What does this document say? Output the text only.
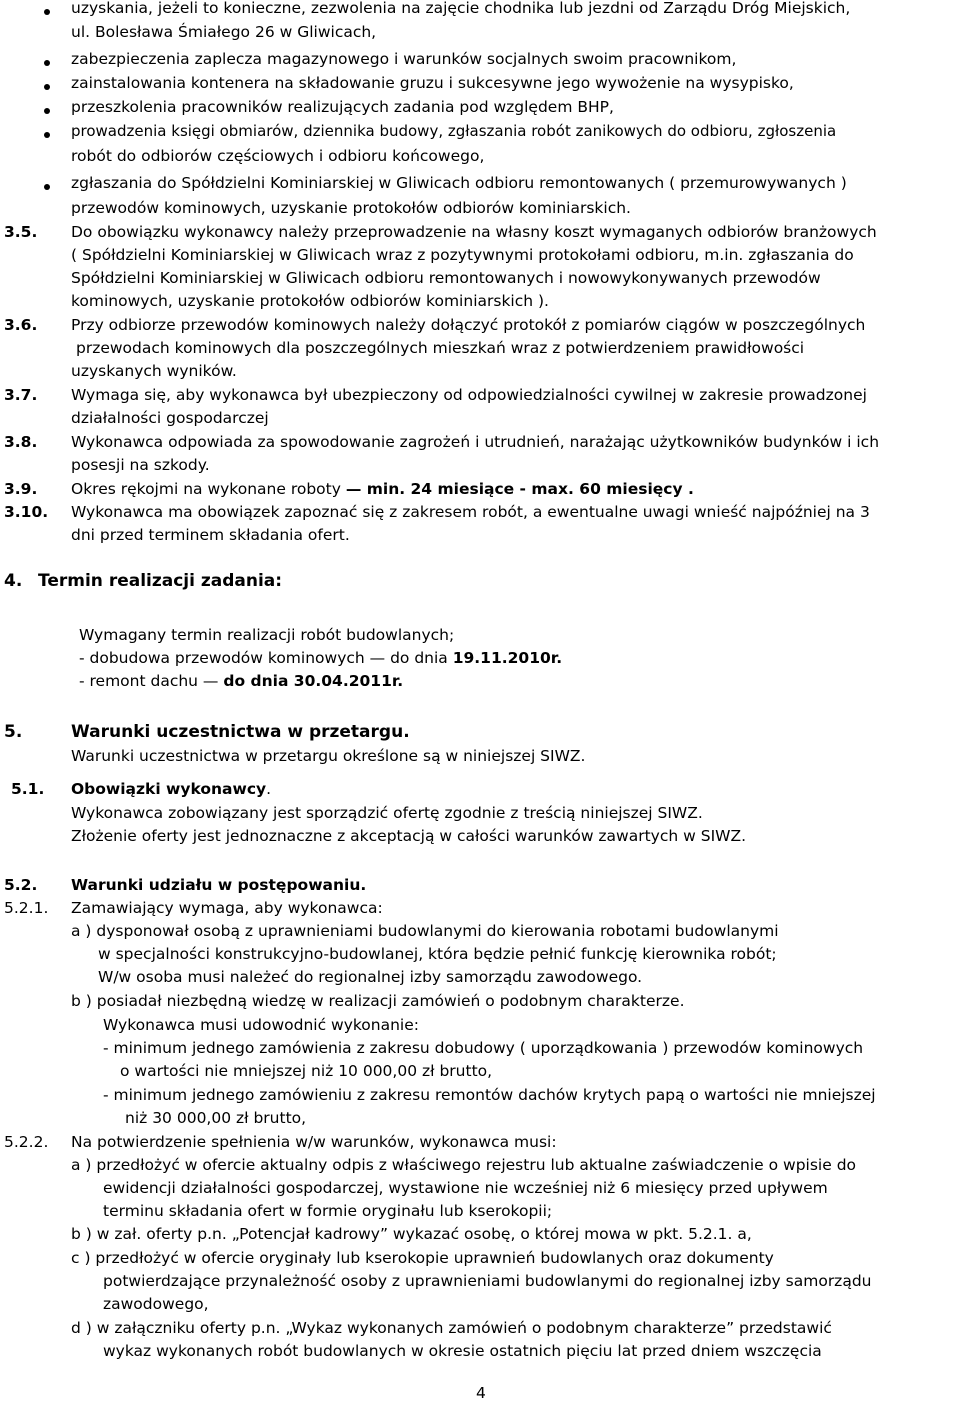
uzyskania, jeżeli to konieczne, zezwolenia na zajęcie chodnika lub jezdni od Zarządu Dróg Miejskich,
ul. Bolesława Śmiałego 26 w Gliwicach,
zabezpieczenia zaplecza magazynowego i warunków socjalnych swoim pracownikom,
zainstalowania kontenera na składowanie gruzu i sukcesywne jego wywożenie na wysypisko,
przeszkolenia pracowników realizujących zadania pod względem BHP,
prowadzenia księgi obmiarów, dziennika budowy, zgłaszania robót zanikowych do odbioru, zgłoszenia
robót do odbiorów częściowych i odbioru końcowego,
zgłaszania do Spółdzielni Kominiarskiej w Gliwicach odbioru remontowanych ( przemurowywanych )
przewodów kominowych, uzyskanie protokołów odbiorów kominiarskich.
3.5. Do obowiązku wykonawcy należy przeprowadzenie na własny koszt wymaganych odbiorów branżowych
( Spółdzielni Kominiarskiej w Gliwicach wraz z pozytywnymi protokołami odbioru, m.in. zgłaszania do
Spółdzielni Kominiarskiej w Gliwicach odbioru remontowanych i nowowykonywanych przewodów
kominowych, uzyskanie protokołów odbiorów kominiarskich ).
3.6. Przy odbiorze przewodów kominowych należy dołączyć protokół z pomiarów ciągów w poszczególnych
przewodach kominowych dla poszczególnych mieszkań wraz z potwierdzeniem prawidłowości
uzyskanych wyników.
3.7. Wymaga się, aby wykonawca był ubezpieczony od odpowiedzialności cywilnej w zakresie prowadzonej
działalności gospodarczej
3.8. Wykonawca odpowiada za spowodowanie zagrożeń i utrudnień, narażając użytkowników budynków i ich
posesji na szkody.
3.9. Okres rękojmi na wykonane roboty — min. 24 miesiące - max. 60 miesięcy .
3.10. Wykonawca ma obowiązek zapoznać się z zakresem robót, a ewentualne uwagi wnieść najpóźniej na 3
dni przed terminem składania ofert.
4. Termin realizacji zadania:
Wymagany termin realizacji robót budowlanych;
- dobudowa przewodów kominowych — do dnia 19.11.2010r.
- remont dachu — do dnia 30.04.2011r.
5.	Warunki uczestnictwa w przetargu.
Warunki uczestnictwa w przetargu określone są w niniejszej SIWZ.
5.1. Obowiązki wykonawcy.
Wykonawca zobowiązany jest sporządzić ofertę zgodnie z treścią niniejszej SIWZ.
Złożenie oferty jest jednoznaczne z akceptacją w całości warunków zawartych w SIWZ.
5.2. Warunki udziału w postępowaniu.
5.2.1. Zamawiający wymaga, aby wykonawca:
a ) dysponował osobą z uprawnieniami budowlanymi do kierowania robotami budowlanymi
w specjalności konstrukcyjno-budowlanej, która będzie pełnić funkcję kierownika robót;
W/w osoba musi należeć do regionalnej izby samorządu zawodowego.
b ) posiadał niezbędną wiedzę w realizacji zamówień o podobnym charakterze.
Wykonawca musi udowodnić wykonanie:
- minimum jednego zamówienia z zakresu dobudowy ( uporządkowania ) przewodów kominowych
o wartości nie mniejszej niż 10 000,00 zł brutto,
- minimum jednego zamówieniu z zakresu remontów dachów krytych papą o wartości nie mniejszej
niż 30 000,00 zł brutto,
5.2.2. Na potwierdzenie spełnienia w/w warunków, wykonawca musi:
a ) przedłożyć w ofercie aktualny odpis z właściwego rejestru lub aktualne zaświadczenie o wpisie do
ewidencji działalności gospodarczej, wystawione nie wcześniej niż 6 miesięcy przed upływem
terminu składania ofert w formie oryginału lub kserokopii;
b ) w zał. oferty p.n. „Potencjał kadrowy” wykazać osobę, o której mowa w pkt. 5.2.1. a,
c ) przedłożyć w ofercie oryginały lub kserokopie uprawnień budowlanych oraz dokumenty
potwierdzające przynależność osoby z uprawnieniami budowlanymi do regionalnej izby samorządu
zawodowego,
d ) w załączniku oferty p.n. „Wykaz wykonanych zamówień o podobnym charakterze” przedstawić
wykaz wykonanych robót budowlanych w okresie ostatnich pięciu lat przed dniem wszczęcia
4
